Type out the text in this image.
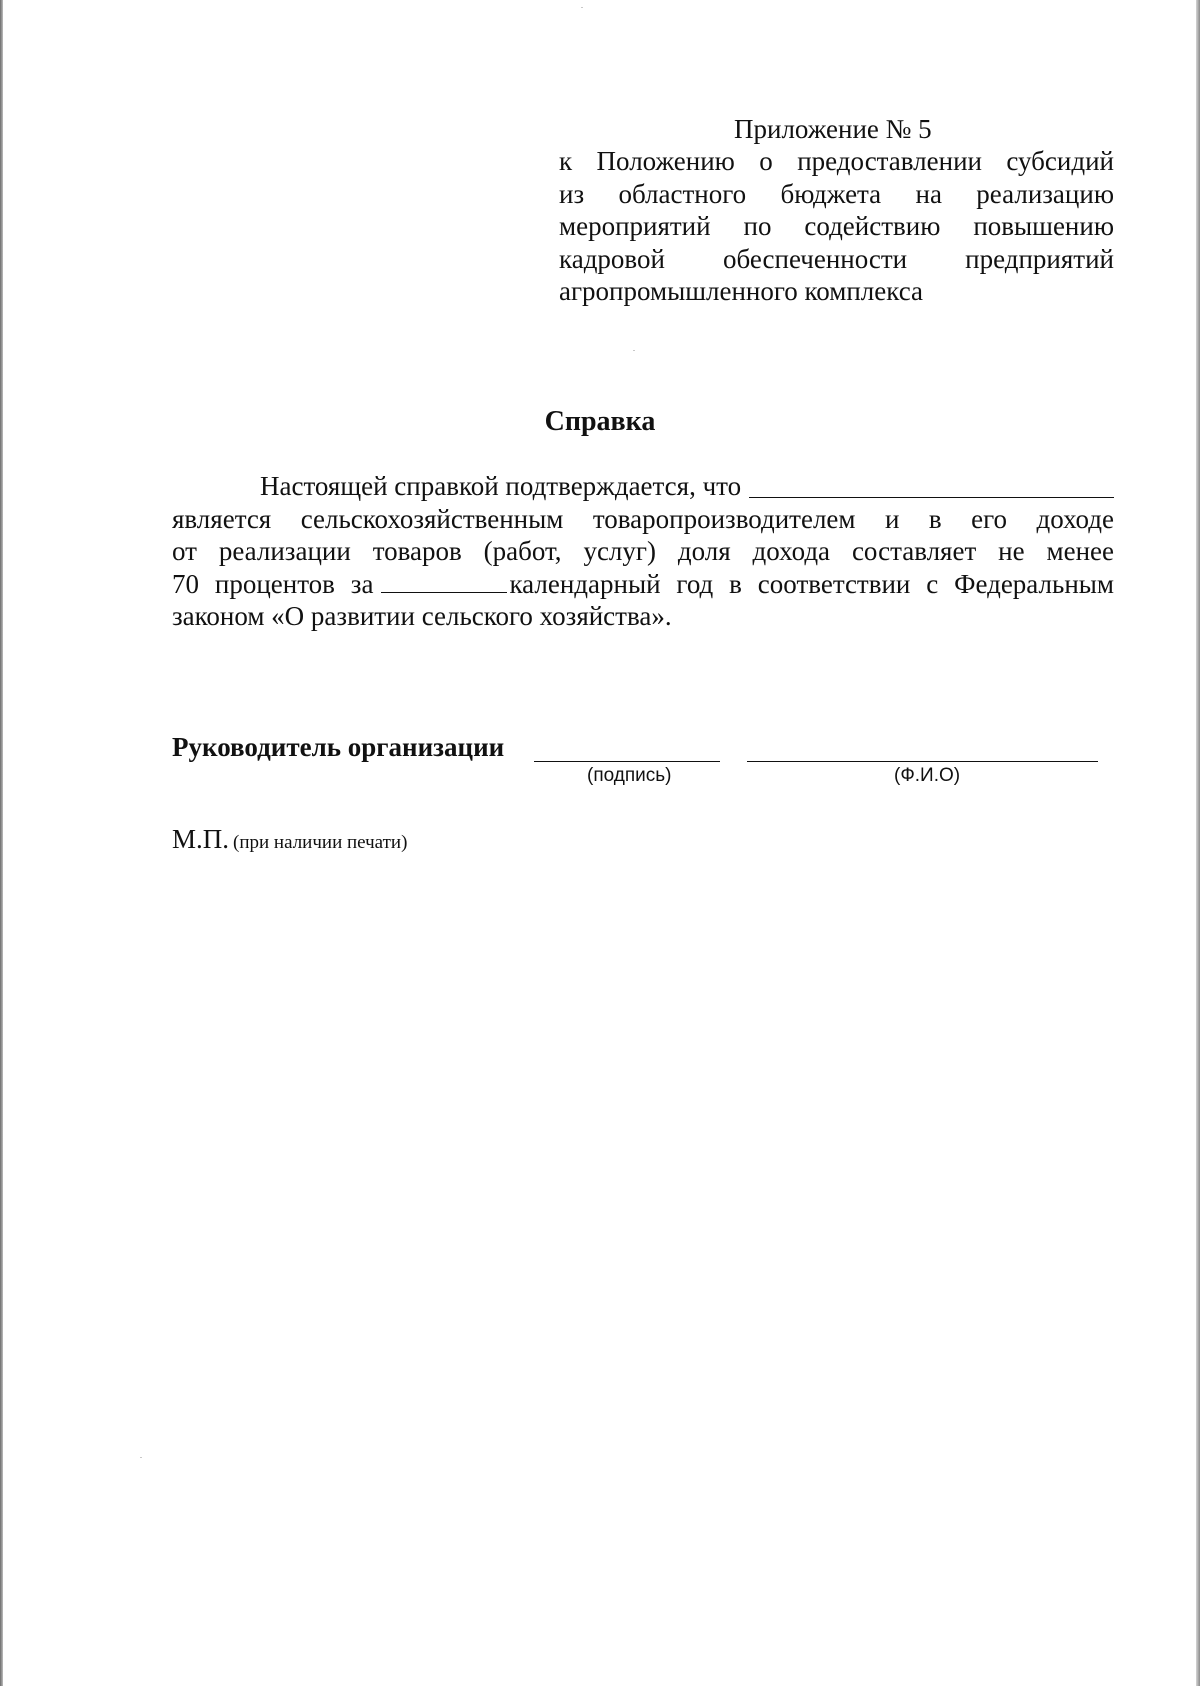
Приложение № 5
к Положению о предоставлении субсидий
из областного бюджета на реализацию
мероприятий по содействию повышению
кадровой обеспеченности предприятий
агропромышленного комплекса
Справка
Настоящей справкой подтверждается, что
является сельскохозяйственным товаропроизводителем и в его доходе
от реализации товаров (работ, услуг) доля дохода составляет не менее
70 процентов за	календарный год в соответствии с Федеральным
законом «О развитии сельского хозяйства».
Руководитель организации
(подпись)	(Ф.И.О)
М.П. (при наличии печати)
